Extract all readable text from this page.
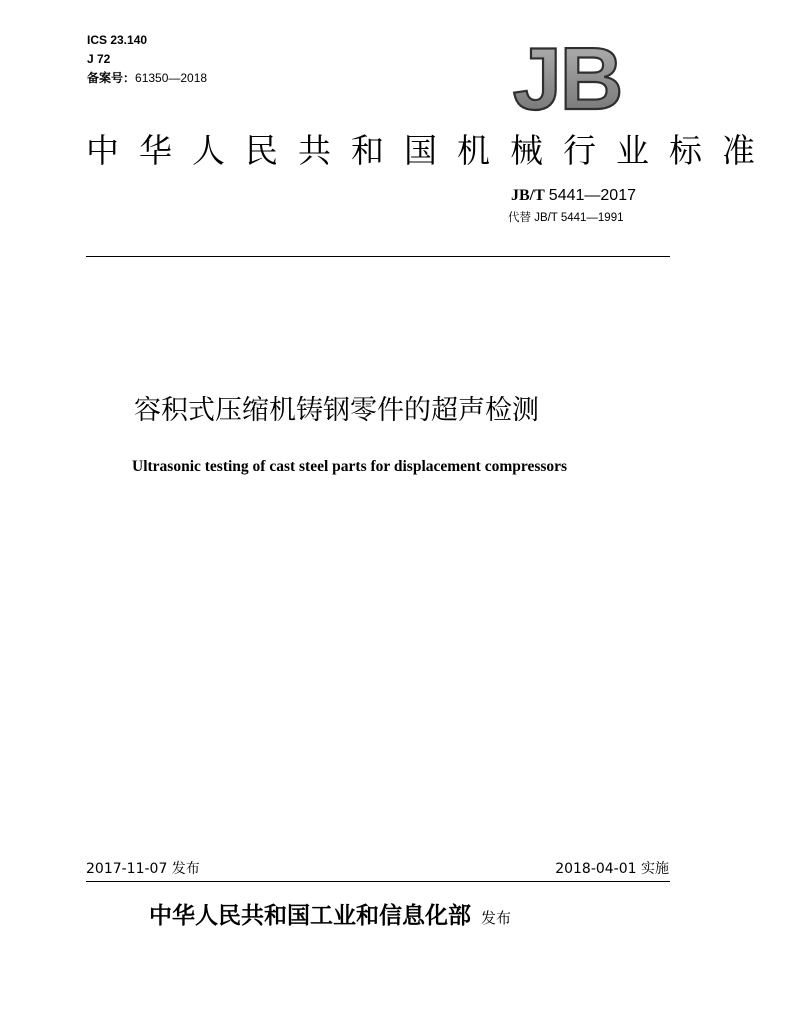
ICS 23.140
J 72
备案号：61350—2018	JB
中华人民共和国机械行业标准
JB/T 5441—2017
代替 JB/T 5441—1991
容积式压缩机铸钢零件的超声检测
Ultrasonic testing of cast steel parts for displacement compressors
2017-11-07 发布	2018-04-01 实施
中华人民共和国工业和信息化部 发布
